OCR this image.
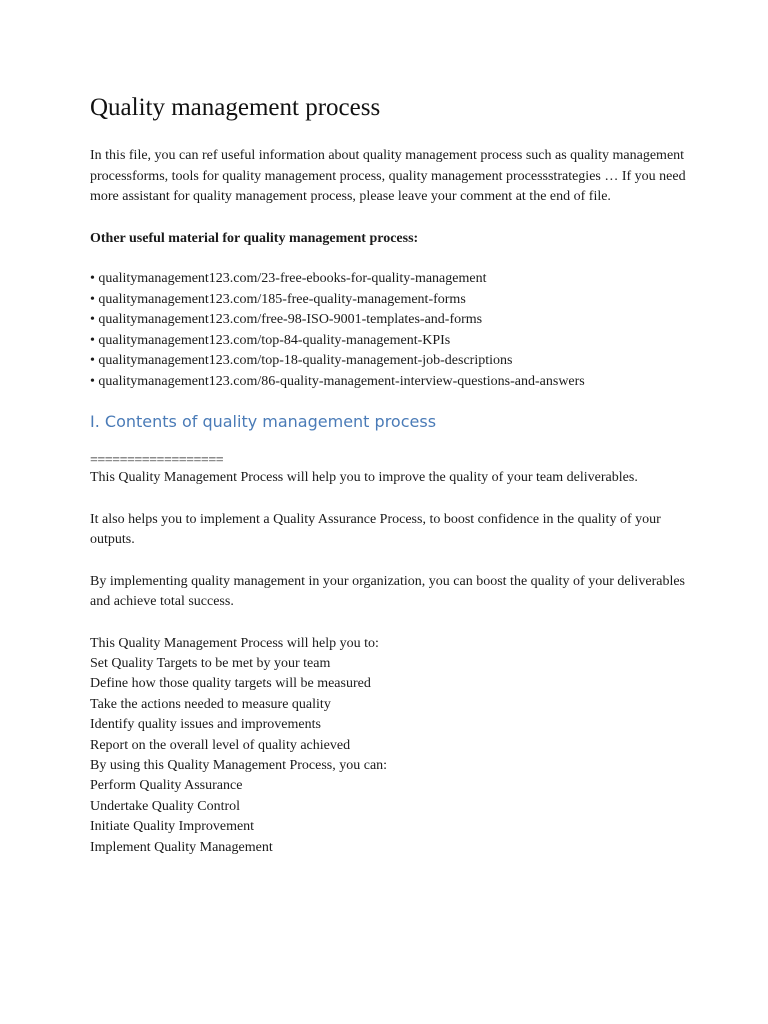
Quality management process

In this file, you can ref useful information about quality management process such as quality management processforms, tools for quality management process, quality management processstrategies … If you need more assistant for quality management process, please leave your comment at the end of file.

Other useful material for quality management process:

• qualitymanagement123.com/23-free-ebooks-for-quality-management
• qualitymanagement123.com/185-free-quality-management-forms
• qualitymanagement123.com/free-98-ISO-9001-templates-and-forms
• qualitymanagement123.com/top-84-quality-management-KPIs
• qualitymanagement123.com/top-18-quality-management-job-descriptions
• qualitymanagement123.com/86-quality-management-interview-questions-and-answers
I. Contents of quality management process

==================

This Quality Management Process will help you to improve the quality of your team deliverables.

It also helps you to implement a Quality Assurance Process, to boost confidence in the quality of your outputs.

By implementing quality management in your organization, you can boost the quality of your deliverables and achieve total success.

This Quality Management Process will help you to:

Set Quality Targets to be met by your team

Define how those quality targets will be measured

Take the actions needed to measure quality

Identify quality issues and improvements

Report on the overall level of quality achieved

By using this Quality Management Process, you can:

Perform Quality Assurance

Undertake Quality Control

Initiate Quality Improvement

Implement Quality Management
